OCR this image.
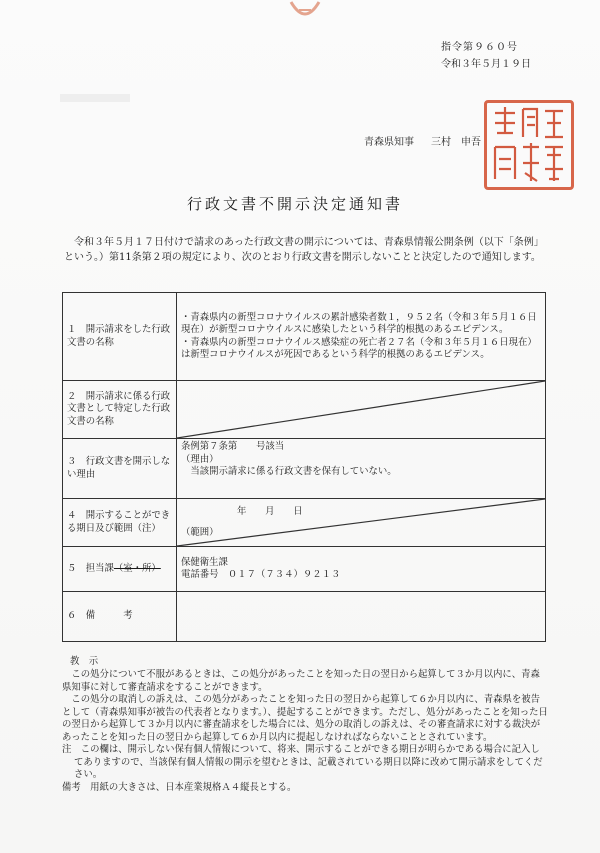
指令第９６０号
令和３年５月１９日
青森県知事 三村　申吾
行政文書不開示決定通知書
令和３年５月１７日付けで請求のあった行政文書の開示については、青森県情報公開条例（以下「条例」という。）第11条第２項の規定により、次のとおり行政文書を開示しないことと決定したので通知します。
１　開示請求をした行政文書の名称	・青森県内の新型コロナウイルスの累計感染者数１，９５２名（令和３年５月１６日現在）が新型コロナウイルスに感染したという科学的根拠のあるエビデンス。
・青森県内の新型コロナウイルス感染症の死亡者２７名（令和３年５月１６日現在）は新型コロナウイルスが死因であるという科学的根拠のあるエビデンス。

２　開示請求に係る行政文書として特定した行政文書の名称	

３　行政文書を開示しない理由	条例第７条第　　号該当
（理由）
　当該開示請求に係る行政文書を保有していない。

４　開示することができる期日及び範囲（注）	年　　月　　日
（範囲）

５　担当課（室・所）	保健衛生課
電話番号　０１７（７３４）９２１３

６　備　　　考	
教　示
　この処分について不服があるときは、この処分があったことを知った日の翌日から起算して３か月以内に、青森県知事に対して審査請求をすることができます。
　この処分の取消しの訴えは、この処分があったことを知った日の翌日から起算して６か月以内に、青森県を被告として（青森県知事が被告の代表者となります。）、提起することができます。ただし、処分があったことを知った日の翌日から起算して３か月以内に審査請求をした場合には、処分の取消しの訴えは、その審査請求に対する裁決があったことを知った日の翌日から起算して６か月以内に提起しなければならないこととされています。
注　この欄は、開示しない保有個人情報について、将来、開示することができる期日が明らかである場合に記入してありますので、当該保有個人情報の開示を望むときは、記載されている期日以降に改めて開示請求をしてください。
備考　用紙の大きさは、日本産業規格Ａ４縦長とする。
